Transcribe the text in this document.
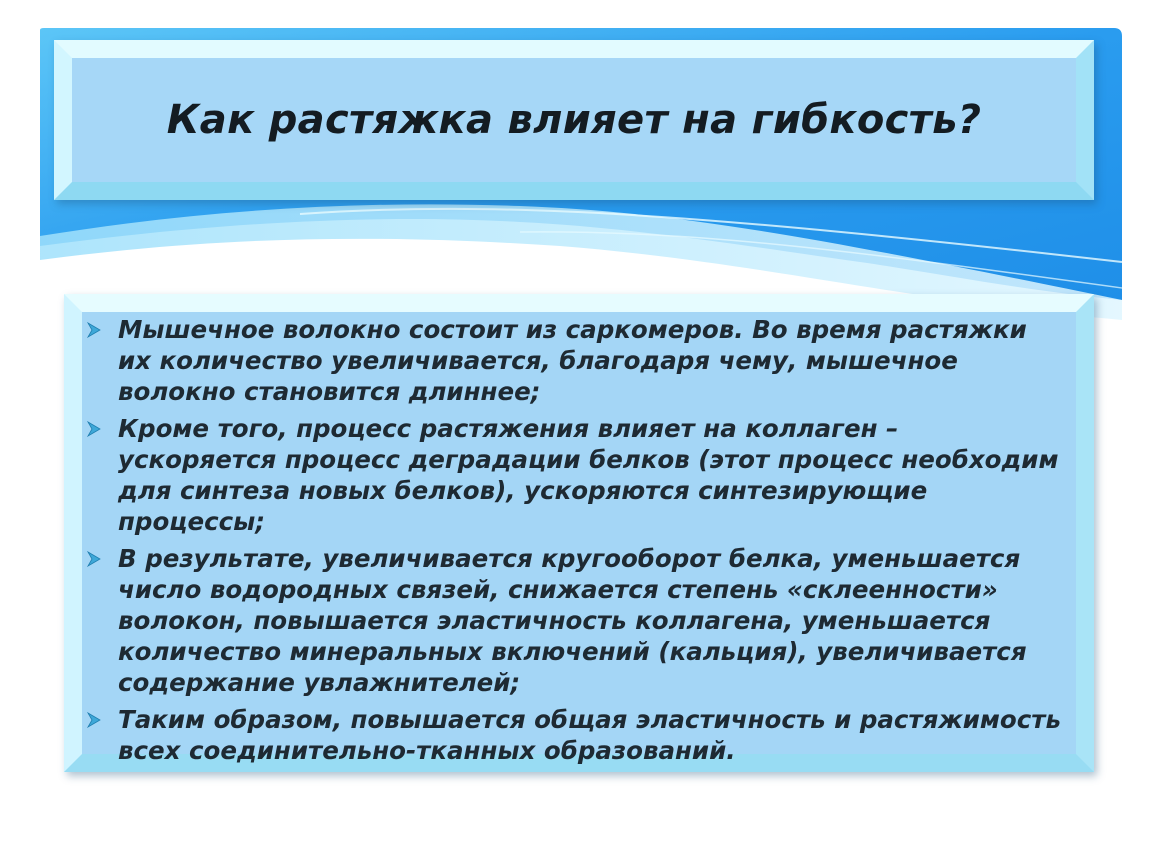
Как растяжка влияет на гибкость?
Мышечное волокно состоит из саркомеров. Во время растяжки их количество увеличивается, благодаря чему, мышечное волокно становится длиннее;
Кроме того, процесс растяжения влияет на коллаген – ускоряется процесс деградации белков (этот процесс необходим для синтеза новых белков), ускоряются синтезирующие процессы;
В результате, увеличивается кругооборот белка, уменьшается число водородных связей, снижается степень «склеенности» волокон, повышается эластичность коллагена, уменьшается количество минеральных включений (кальция), увеличивается содержание увлажнителей;
Таким образом, повышается общая эластичность и растяжимость всех соединительно-тканных образований.
